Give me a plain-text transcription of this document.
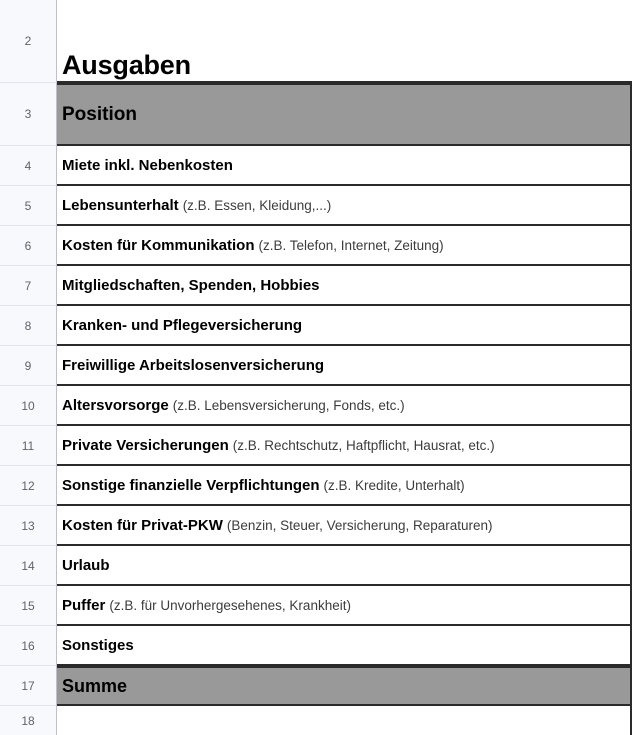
2
Ausgaben
3	Position
4	Miete inkl. Nebenkosten
5	Lebensunterhalt (z.B. Essen, Kleidung,...)
6	Kosten für Kommunikation (z.B. Telefon, Internet, Zeitung)
7	Mitgliedschaften, Spenden, Hobbies
8	Kranken- und Pflegeversicherung
9	Freiwillige Arbeitslosenversicherung
10	Altersvorsorge (z.B. Lebensversicherung, Fonds, etc.)
11	Private Versicherungen (z.B. Rechtschutz, Haftpflicht, Hausrat, etc.)
12	Sonstige finanzielle Verpflichtungen (z.B. Kredite, Unterhalt)
13	Kosten für Privat-PKW (Benzin, Steuer, Versicherung, Reparaturen)
14	Urlaub
15	Puffer (z.B. für Unvorhergesehenes, Krankheit)
16	Sonstiges
17	Summe
18
